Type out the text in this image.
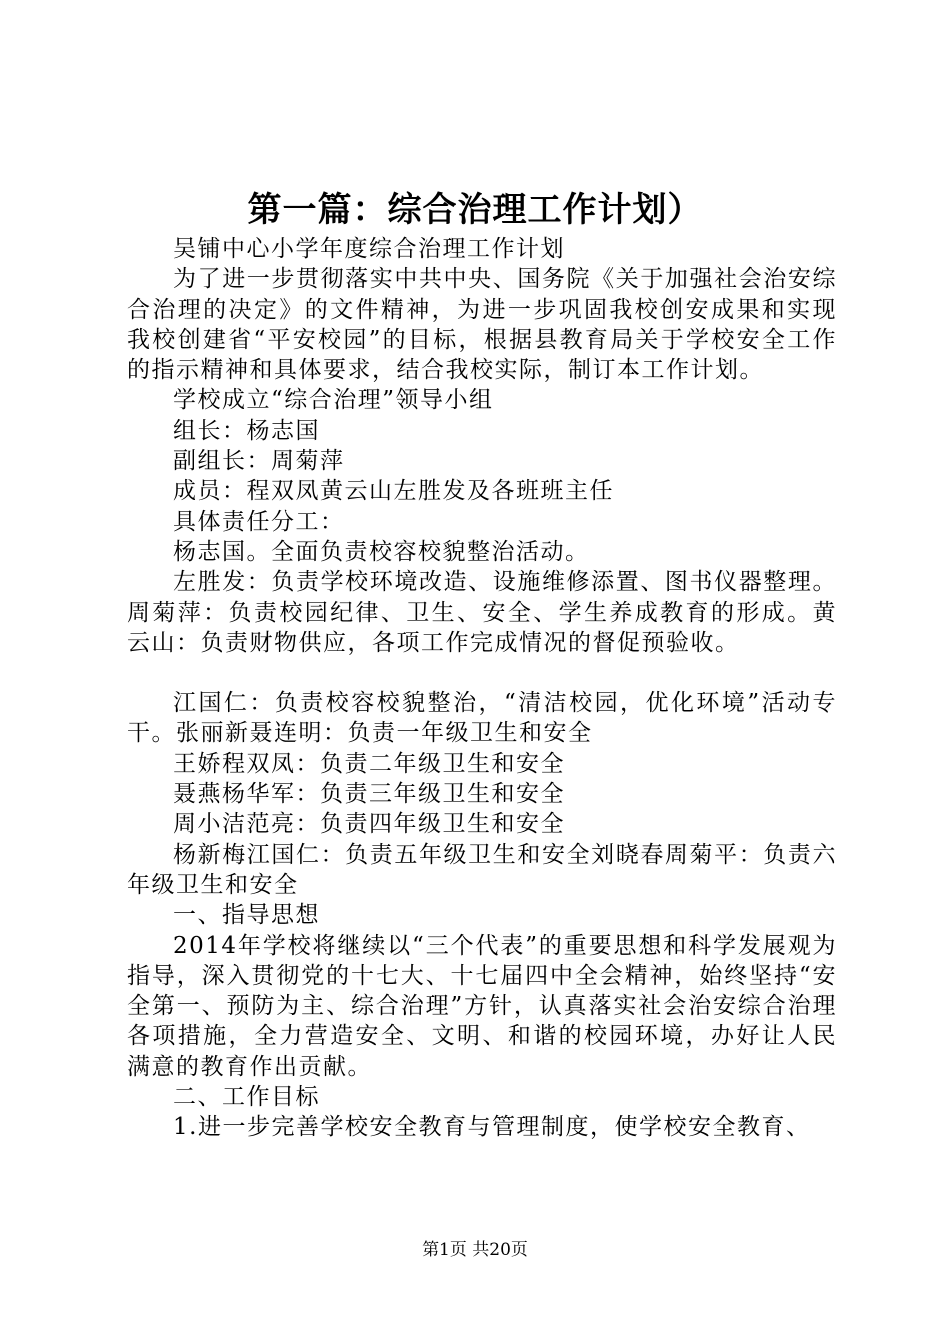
第一篇：综合治理工作计划）

吴铺中心小学年度综合治理工作计划

为了进一步贯彻落实中共中央、国务院《关于加强社会治安综合治理的决定》的文件精神，为进一步巩固我校创安成果和实现我校创建省“平安校园”的目标，根据县教育局关于学校安全工作的指示精神和具体要求，结合我校实际，制订本工作计划。

学校成立“综合治理”领导小组

组长：杨志国

副组长：周菊萍

成员：程双凤黄云山左胜发及各班班主任

具体责任分工：

杨志国。全面负责校容校貌整治活动。

左胜发：负责学校环境改造、设施维修添置、图书仪器整理。周菊萍：负责校园纪律、卫生、安全、学生养成教育的形成。黄云山：负责财物供应，各项工作完成情况的督促预验收。

江国仁：负责校容校貌整治，“清洁校园，优化环境”活动专干。张丽新聂连明：负责一年级卫生和安全

王娇程双凤：负责二年级卫生和安全

聂燕杨华军：负责三年级卫生和安全

周小洁范亮：负责四年级卫生和安全

杨新梅江国仁：负责五年级卫生和安全刘晓春周菊平：负责六年级卫生和安全

一、指导思想

2014年学校将继续以“三个代表”的重要思想和科学发展观为指导，深入贯彻党的十七大、十七届四中全会精神，始终坚持“安全第一、预防为主、综合治理”方针，认真落实社会治安综合治理各项措施，全力营造安全、文明、和谐的校园环境，办好让人民满意的教育作出贡献。

二、工作目标

1.进一步完善学校安全教育与管理制度，使学校安全教育、

第1页 共20页
